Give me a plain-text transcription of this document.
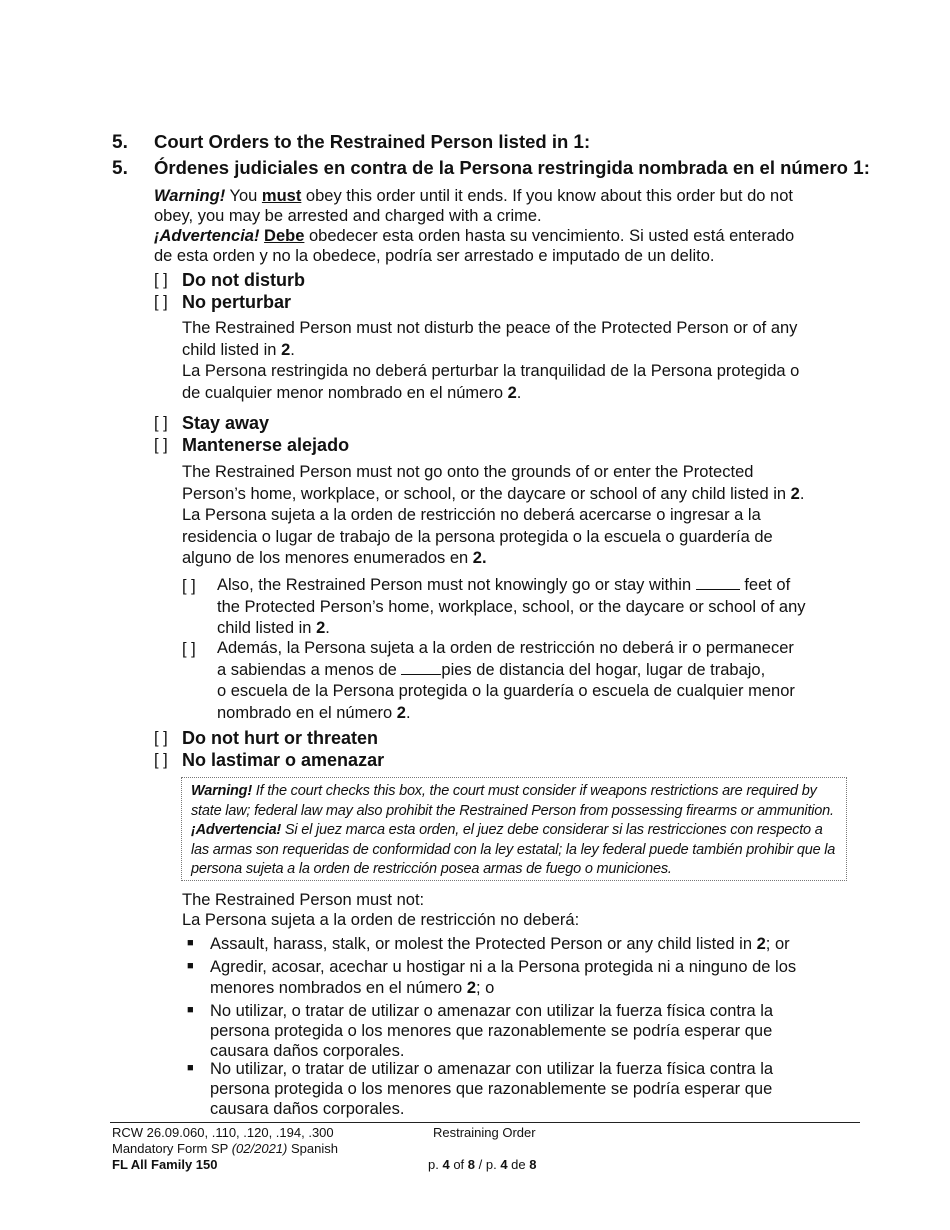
5. Court Orders to the Restrained Person listed in 1:
5. Órdenes judiciales en contra de la Persona restringida nombrada en el número 1:
Warning! You must obey this order until it ends. If you know about this order but do not
obey, you may be arrested and charged with a crime.
¡Advertencia! Debe obedecer esta orden hasta su vencimiento. Si usted está enterado
de esta orden y no la obedece, podría ser arrestado e imputado de un delito.
[ ] Do not disturb
[ ] No perturbar
The Restrained Person must not disturb the peace of the Protected Person or of any
child listed in 2.
La Persona restringida no deberá perturbar la tranquilidad de la Persona protegida o
de cualquier menor nombrado en el número 2.
[ ] Stay away
[ ] Mantenerse alejado
The Restrained Person must not go onto the grounds of or enter the Protected
Person’s home, workplace, or school, or the daycare or school of any child listed in 2.
La Persona sujeta a la orden de restricción no deberá acercarse o ingresar a la
residencia o lugar de trabajo de la persona protegida o la escuela o guardería de
alguno de los menores enumerados en 2.
[ ] Also, the Restrained Person must not knowingly go or stay within	feet of
the Protected Person’s home, workplace, school, or the daycare or school of any
child listed in 2.
[ ] Además, la Persona sujeta a la orden de restricción no deberá ir o permanecer
a sabiendas a menos de pies de distancia del hogar, lugar de trabajo,
o escuela de la Persona protegida o la guardería o escuela de cualquier menor
nombrado en el número 2.
[ ] Do not hurt or threaten
[ ] No lastimar o amenazar
Warning! If the court checks this box, the court must consider if weapons restrictions are required by
state law; federal law may also prohibit the Restrained Person from possessing firearms or ammunition.
¡Advertencia! Si el juez marca esta orden, el juez debe considerar si las restricciones con respecto a
las armas son requeridas de conformidad con la ley estatal; la ley federal puede también prohibir que la
persona sujeta a la orden de restricción posea armas de fuego o municiones.
The Restrained Person must not:
La Persona sujeta a la orden de restricción no deberá:
■ Assault, harass, stalk, or molest the Protected Person or any child listed in 2; or
■ Agredir, acosar, acechar u hostigar ni a la Persona protegida ni a ninguno de los
menores nombrados en el número 2; o
■ No utilizar, o tratar de utilizar o amenazar con utilizar la fuerza física contra la
persona protegida o los menores que razonablemente se podría esperar que
causara daños corporales.
■ No utilizar, o tratar de utilizar o amenazar con utilizar la fuerza física contra la
persona protegida o los menores que razonablemente se podría esperar que
causara daños corporales.
RCW 26.09.060, .110, .120, .194, .300
Mandatory Form SP (02/2021) Spanish
FL All Family 150
Restraining Order
p. 4 of 8 / p. 4 de 8
